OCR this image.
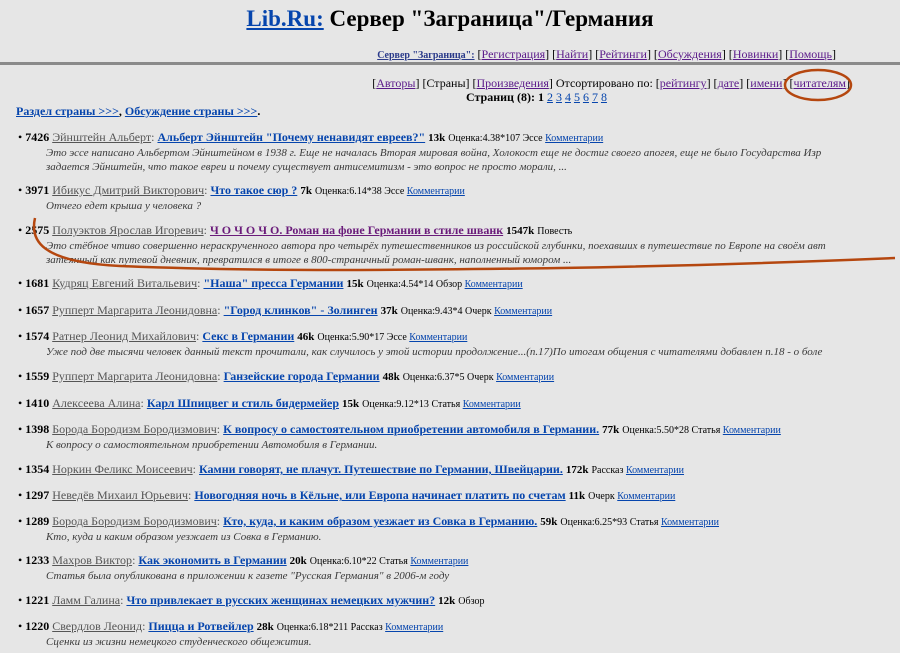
Lib.Ru: Сервер "Заграница"/Германия
Сервер "Заграница": [Регистрация] [Найти] [Рейтинги] [Обсуждения] [Новинки] [Помощь]
[Авторы] [Страны] [Произведения] Отсортировано по: [рейтингу] [дате] [имени] [читателям]
Страниц (8): 1 2 3 4 5 6 7 8
Раздел страны >>>, Обсуждение страны >>>.
• 7426 Эйнштейн Альберт: Альберт Эйнштейн "Почему ненавидят евреев?" 13k Оценка:4.38*107 Эссе Комментарии
Это эссе написано Альбертом Эйнштейном в 1938 г. Еще не началась Вторая мировая война, Холокост еще не достиг своего апогея, еще не было Государства Изр
задается Эйнштейн, что такое евреи и почему существует антисемитизм - это вопрос не просто морали, ...
• 3971 Ибикус Дмитрий Викторович: Что такое сюр ? 7k Оценка:6.14*38 Эссе Комментарии
Отчего едет крыша у человека ?
• 2575 Полуэктов Ярослав Игоревич: Ч О Ч О Ч О. Роман на фоне Германии в стиле шванк 1547k Повесть
Это стёбное чтиво совершенно нераскрученного автора про четырёх путешественников из российской глубинки, поехавших в путешествие по Европе на своём авт
затеянный как путевой дневник, превратился в итоге в 800-страничный роман-шванк, наполненный юмором ...
• 1681 Кудряц Евгений Витальевич: "Наша" пресса Германии 15k Оценка:4.54*14 Обзор Комментарии
• 1657 Рупперт Маргарита Леонидовна: "Город клинков" - Золинген 37k Оценка:9.43*4 Очерк Комментарии
• 1574 Ратнер Леонид Михайлович: Секс в Германии 46k Оценка:5.90*17 Эссе Комментарии
Уже под две тысячи человек данный текст прочитали, как случилось у этой истории продолжение...(п.17)По итогам общения с читателями добавлен п.18 - о боле
• 1559 Рупперт Маргарита Леонидовна: Ганзейские города Германии 48k Оценка:6.37*5 Очерк Комментарии
• 1410 Алексеева Алина: Карл Шпицвег и стиль бидермейер 15k Оценка:9.12*13 Статья Комментарии
• 1398 Борода Бородизм Бородизмович: К вопросу о самостоятельном приобретении автомобиля в Германии. 77k Оценка:5.50*28 Статья Комментарии
К вопросу о самостоятельном приобретении Автомобиля в Германии.
• 1354 Норкин Феликс Моисеевич: Камни говорят, не плачут. Путешествие по Германии, Швейцарии. 172k Рассказ Комментарии
• 1297 Неведёв Михаил Юрьевич: Новогодняя ночь в Кёльне, или Европа начинает платить по счетам 11k Очерк Комментарии
• 1289 Борода Бородизм Бородизмович: Кто, куда, и каким образом уезжает из Совка в Германию. 59k Оценка:6.25*93 Статья Комментарии
Кто, куда и каким образом уезжает из Совка в Германию.
• 1233 Махров Виктор: Как экономить в Германии 20k Оценка:6.10*22 Статья Комментарии
Статья была опубликована в приложении к газете "Русская Германия" в 2006-м году
• 1221 Ламм Галина: Что привлекает в русских женщинах немецких мужчин? 12k Обзор
• 1220 Свердлов Леонид: Пицца и Ротвейлер 28k Оценка:6.18*211 Рассказ Комментарии
Сценки из жизни немецкого студенческого общежития.
